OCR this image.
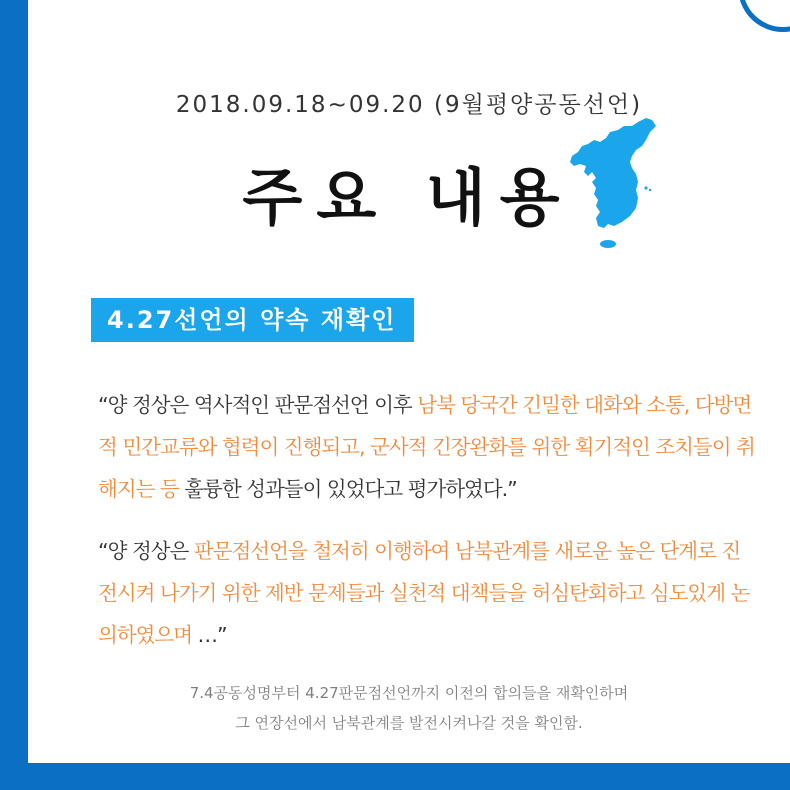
2018.09.18~09.20 (9월평양공동선언)
주요 내용
4.27선언의 약속 재확인

“양 정상은 역사적인 판문점선언 이후 남북 당국간 긴밀한 대화와 소통, 다방면적 민간교류와 협력이 진행되고, 군사적 긴장완화를 위한 획기적인 조치들이 취해지는 등 훌륭한 성과들이 있었다고 평가하였다.”

“양 정상은 판문점선언을 철저히 이행하여 남북관계를 새로운 높은 단계로 진전시켜 나가기 위한 제반 문제들과 실천적 대책들을 허심탄회하고 심도있게 논의하였으며 …”

7.4공동성명부터 4.27판문점선언까지 이전의 합의들을 재확인하며
그 연장선에서 남북관계를 발전시켜나갈 것을 확인함.
